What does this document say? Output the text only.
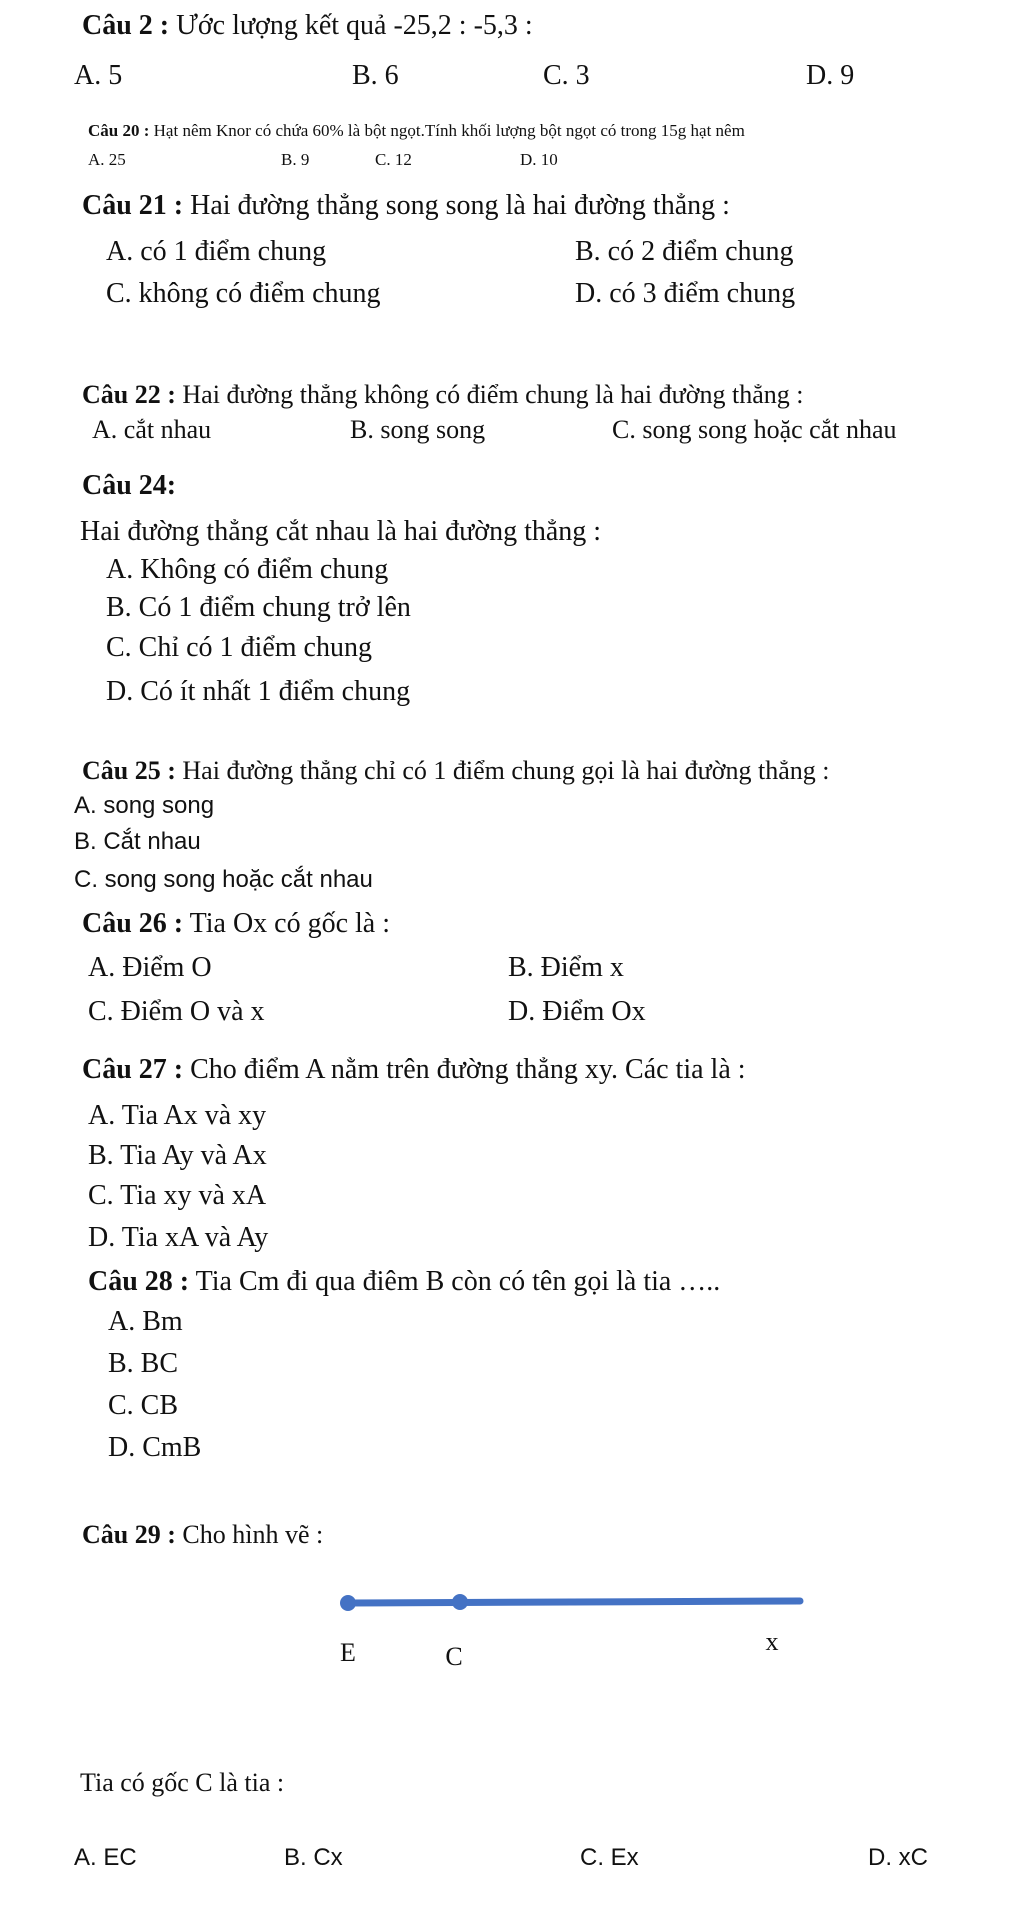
Câu 2 : Ước lượng kết quả -25,2 : -5,3 :
A. 5	B. 6	C. 3	D. 9
Câu 20 : Hạt nêm Knor có chứa 60% là bột ngọt.Tính khối lượng bột ngọt có trong 15g hạt nêm
A. 25	B. 9	C. 12	D. 10
Câu 21 : Hai đường thẳng song song là hai đường thẳng :
A. có 1 điểm chung	B. có 2 điểm chung
C. không có điểm chung	D. có 3 điểm chung
Câu 22 : Hai đường thẳng không có điểm chung là hai đường thẳng :
A. cắt nhau	B. song song	C. song song hoặc cắt nhau
Câu 24:
Hai đường thẳng cắt nhau là hai đường thẳng :
A. Không có điểm chung
B. Có 1 điểm chung trở lên
C. Chỉ có 1 điểm chung
D. Có ít nhất 1 điểm chung
Câu 25 : Hai đường thẳng chỉ có 1 điểm chung gọi là hai đường thẳng :
A. song song
B. Cắt nhau
C. song song hoặc cắt nhau
Câu 26 : Tia Ox có gốc là :
A. Điểm O	B. Điểm x
C. Điểm O và x	D. Điểm Ox
Câu 27 : Cho điểm A nằm trên đường thẳng xy. Các tia là :
A. Tia Ax và xy
B. Tia Ay và Ax
C. Tia xy và xA
D. Tia xA và Ay
Câu 28 : Tia Cm đi qua điêm B còn có tên gọi là tia …..
A. Bm
B. BC
C. CB
D. CmB
Câu 29 : Cho hình vẽ :
E	C
x
Tia có gốc C là tia :
A. EC	B. Cx	C. Ex	D. xC
